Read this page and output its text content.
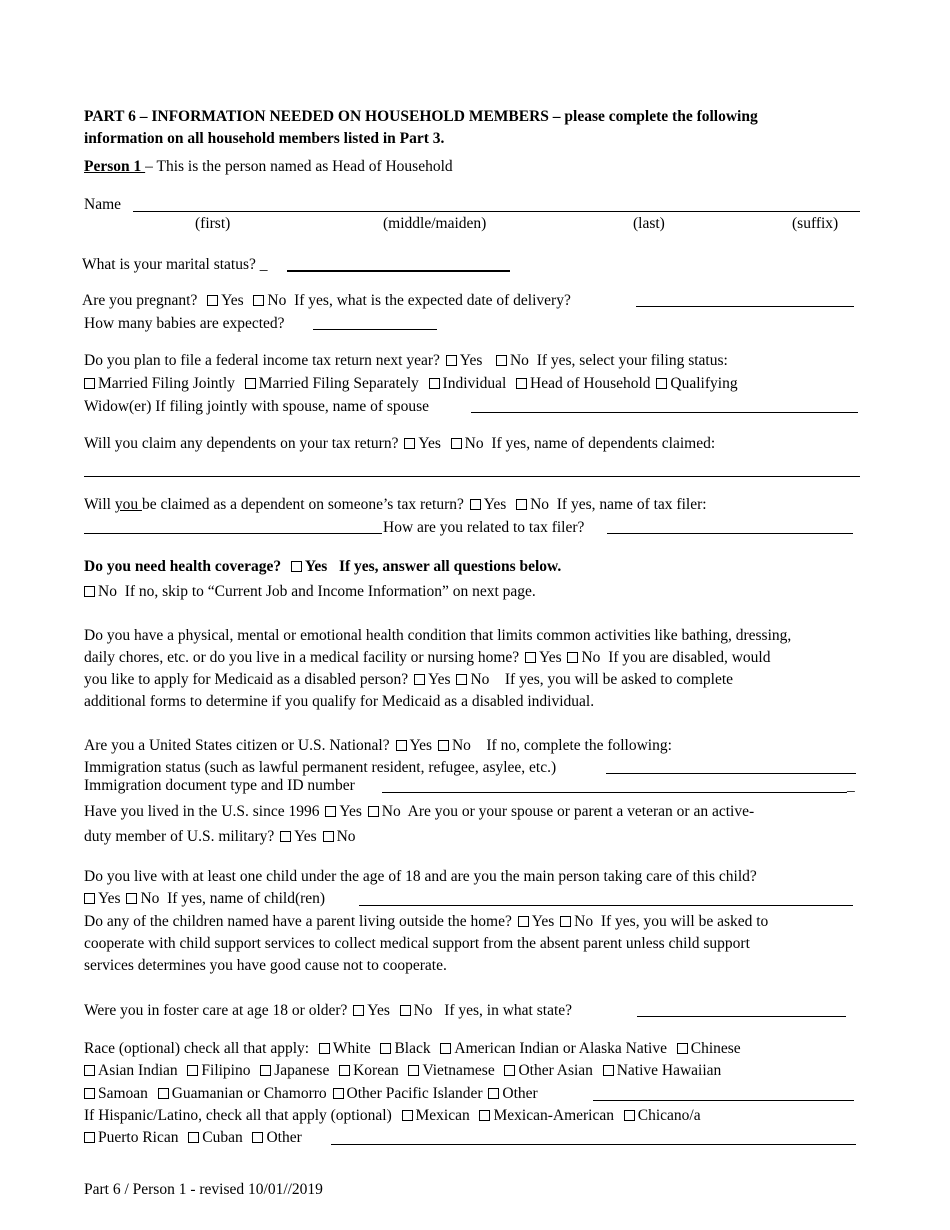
PART 6 – INFORMATION NEEDED ON HOUSEHOLD MEMBERS – please complete the following
information on all household members listed in Part 3.
Person 1 – This is the person named as Head of Household
Name
(first)	(middle/maiden)	(last)	(suffix)
What is your marital status? _
Are you pregnant? Yes No If yes, what is the expected date of delivery?
How many babies are expected?
Do you plan to file a federal income tax return next year? Yes No If yes, select your filing status:
Married Filing Jointly Married Filing Separately Individual Head of Household Qualifying
Widow(er) If filing jointly with spouse, name of spouse
Will you claim any dependents on your tax return? Yes No If yes, name of dependents claimed:
Will you be claimed as a dependent on someone’s tax return? Yes No If yes, name of tax filer:
How are you related to tax filer?
Do you need health coverage? Yes If yes, answer all questions below.
No If no, skip to “Current Job and Income Information” on next page.
Do you have a physical, mental or emotional health condition that limits common activities like bathing, dressing,
daily chores, etc. or do you live in a medical facility or nursing home? Yes No If you are disabled, would
you like to apply for Medicaid as a disabled person? Yes No If yes, you will be asked to complete
additional forms to determine if you qualify for Medicaid as a disabled individual.
Are you a United States citizen or U.S. National? Yes No If no, complete the following:
Immigration status (such as lawful permanent resident, refugee, asylee, etc.)
Immigration document type and ID number	_
Have you lived in the U.S. since 1996 Yes No Are you or your spouse or parent a veteran or an active-
duty member of U.S. military? Yes No
Do you live with at least one child under the age of 18 and are you the main person taking care of this child?
Yes No If yes, name of child(ren)
Do any of the children named have a parent living outside the home? Yes No If yes, you will be asked to
cooperate with child support services to collect medical support from the absent parent unless child support
services determines you have good cause not to cooperate.
Were you in foster care at age 18 or older? Yes No If yes, in what state?
Race (optional) check all that apply: White Black American Indian or Alaska Native Chinese
Asian Indian Filipino Japanese Korean Vietnamese Other Asian Native Hawaiian
Samoan Guamanian or Chamorro Other Pacific Islander Other
If Hispanic/Latino, check all that apply (optional) Mexican Mexican-American Chicano/a
Puerto Rican Cuban Other
Part 6 / Person 1 - revised 10/01//2019
